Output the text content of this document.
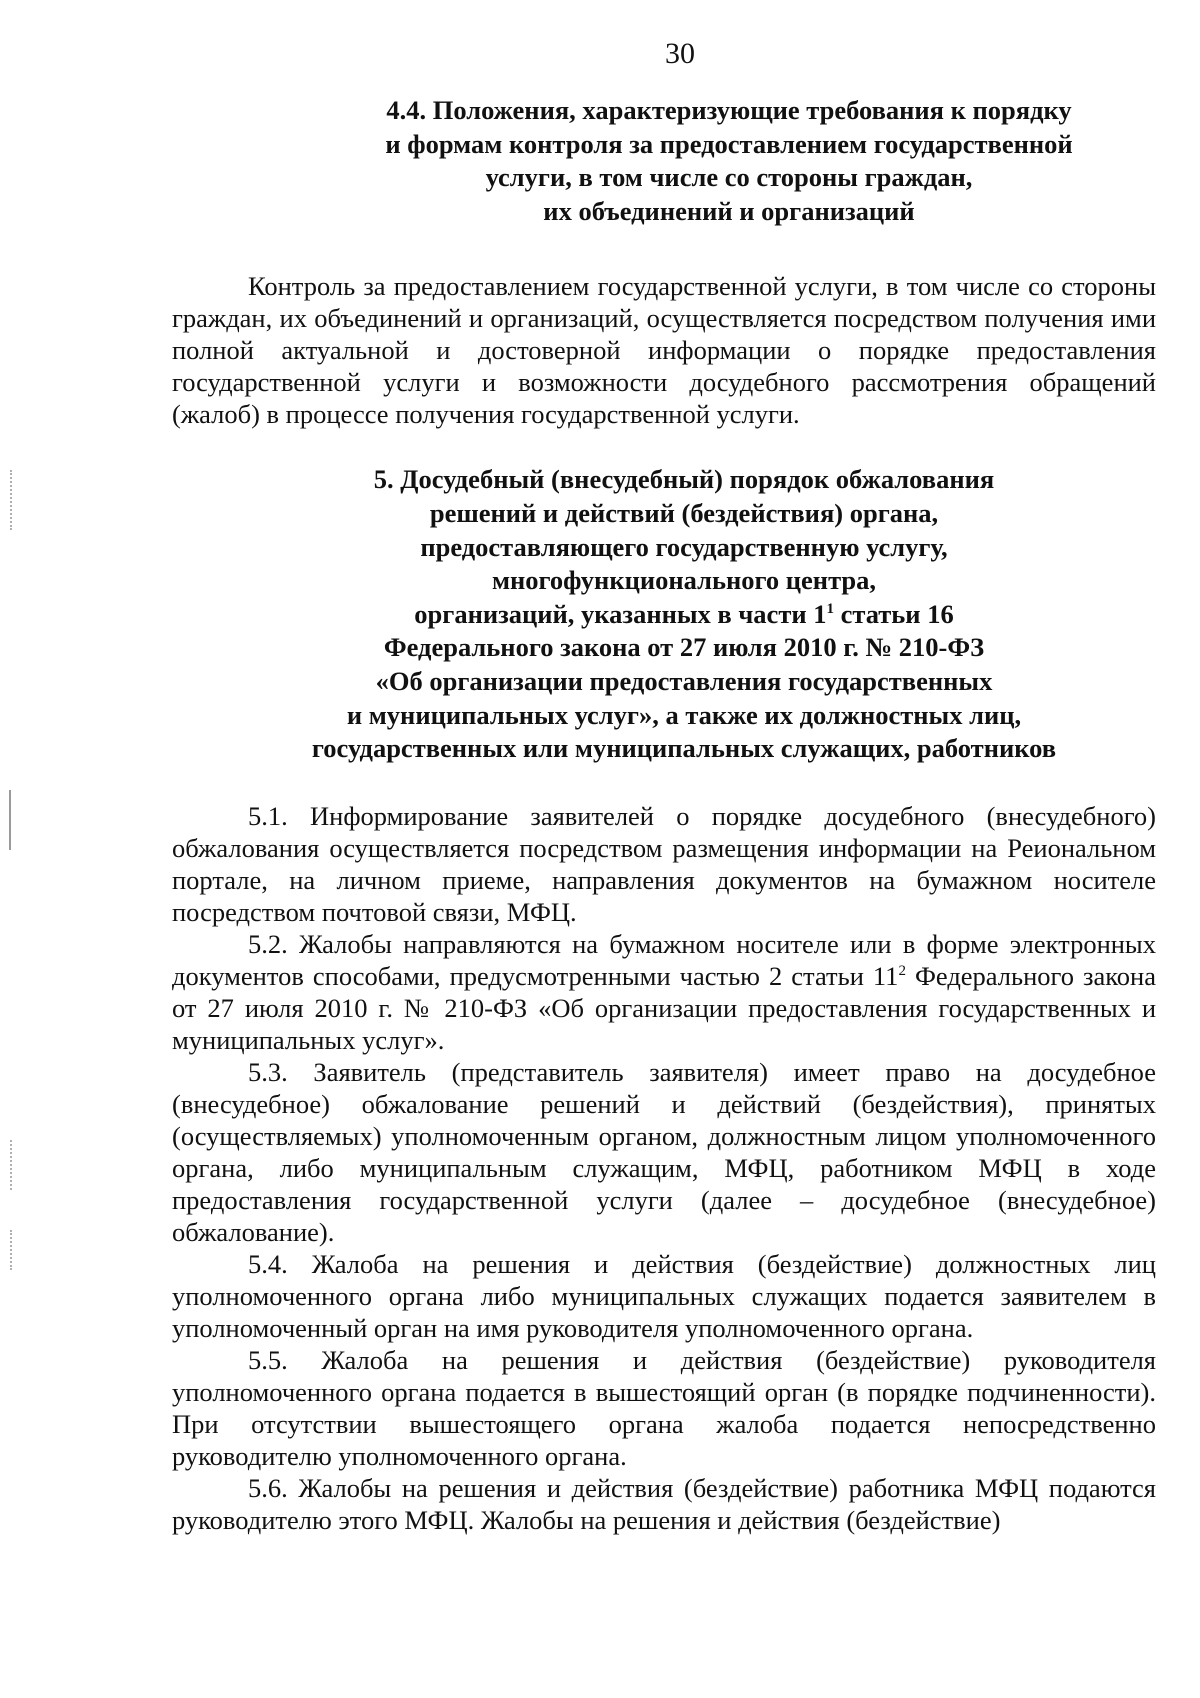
30
4.4. Положения, характеризующие требования к порядку
и формам контроля за предоставлением государственной
услуги, в том числе со стороны граждан,
их объединений и организаций

Контроль за предоставлением государственной услуги, в том числе со стороны граждан, их объединений и организаций, осуществляется посредством получения ими полной актуальной и достоверной информации о порядке предоставления государственной услуги и возможности досудебного рассмотрения обращений (жалоб) в процессе получения государственной услуги.

5. Досудебный (внесудебный) порядок обжалования
решений и действий (бездействия) органа,
предоставляющего государственную услугу,
многофункционального центра,
организаций, указанных в части $1^1$ статьи 16
Федерального закона от 27 июля 2010 г. № 210-ФЗ
«Об организации предоставления государственных
и муниципальных услуг», а также их должностных лиц,
государственных или муниципальных служащих, работников

5.1. Информирование заявителей о порядке досудебного (внесудебного) обжалования осуществляется посредством размещения информации на Реиональном портале, на личном приеме, направления документов на бумажном носителе посредством почтовой связи, МФЦ.

5.2. Жалобы направляются на бумажном носителе или в форме электронных документов способами, предусмотренными частью 2 статьи $11^2$ Федерального закона от 27 июля 2010 г. № 210-ФЗ «Об организации предоставления государственных и муниципальных услуг».

5.3. Заявитель (представитель заявителя) имеет право на досудебное (внесудебное) обжалование решений и действий (бездействия), принятых (осуществляемых) уполномоченным органом, должностным лицом уполномоченного органа, либо муниципальным служащим, МФЦ, работником МФЦ в ходе предоставления государственной услуги (далее – досудебное (внесудебное) обжалование).

5.4. Жалоба на решения и действия (бездействие) должностных лиц уполномоченного органа либо муниципальных служащих подается заявителем в уполномоченный орган на имя руководителя уполномоченного органа.

5.5. Жалоба на решения и действия (бездействие) руководителя уполномоченного органа подается в вышестоящий орган (в порядке подчиненности). При отсутствии вышестоящего органа жалоба подается непосредственно руководителю уполномоченного органа.

5.6. Жалобы на решения и действия (бездействие) работника МФЦ подаются руководителю этого МФЦ. Жалобы на решения и действия (бездействие)
